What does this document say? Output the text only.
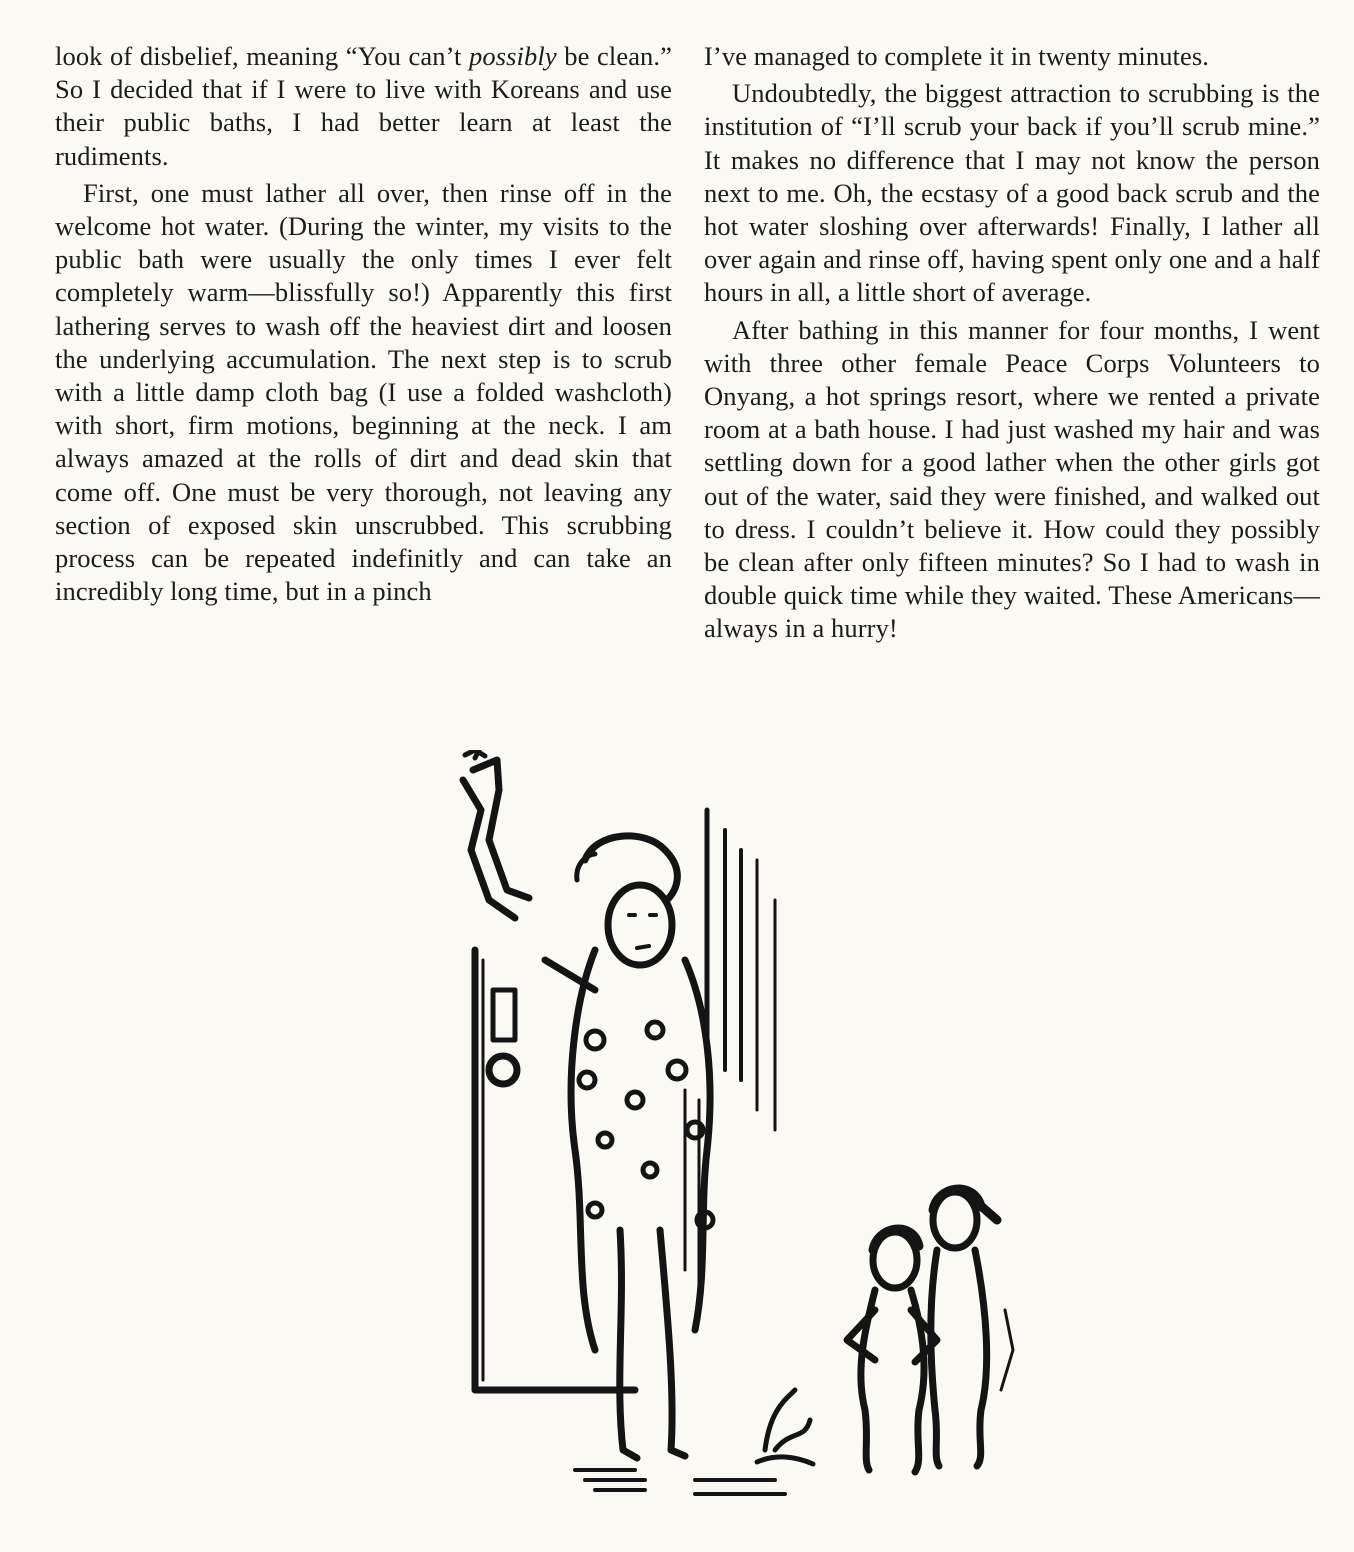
look of disbelief, meaning “You can’t possibly be clean.” So I decided that if I were to live with Koreans and use their public baths, I had better learn at least the rudiments.

First, one must lather all over, then rinse off in the welcome hot water. (During the winter, my visits to the public bath were usually the only times I ever felt completely warm—blissfully so!) Apparently this first lathering serves to wash off the heaviest dirt and loosen the underlying accumulation. The next step is to scrub with a little damp cloth bag (I use a folded washcloth) with short, firm motions, beginning at the neck. I am always amazed at the rolls of dirt and dead skin that come off. One must be very thorough, not leaving any section of exposed skin unscrubbed. This scrubbing process can be repeated indefinitly and can take an incredibly long time, but in a pinch

I’ve managed to complete it in twenty minutes.

Undoubtedly, the biggest attraction to scrubbing is the institution of “I’ll scrub your back if you’ll scrub mine.” It makes no difference that I may not know the person next to me. Oh, the ecstasy of a good back scrub and the hot water sloshing over afterwards! Finally, I lather all over again and rinse off, having spent only one and a half hours in all, a little short of average.

After bathing in this manner for four months, I went with three other female Peace Corps Volunteers to Onyang, a hot springs resort, where we rented a private room at a bath house. I had just washed my hair and was settling down for a good lather when the other girls got out of the water, said they were finished, and walked out to dress. I couldn’t believe it. How could they possibly be clean after only fifteen minutes? So I had to wash in double quick time while they waited. These Americans—always in a hurry!
